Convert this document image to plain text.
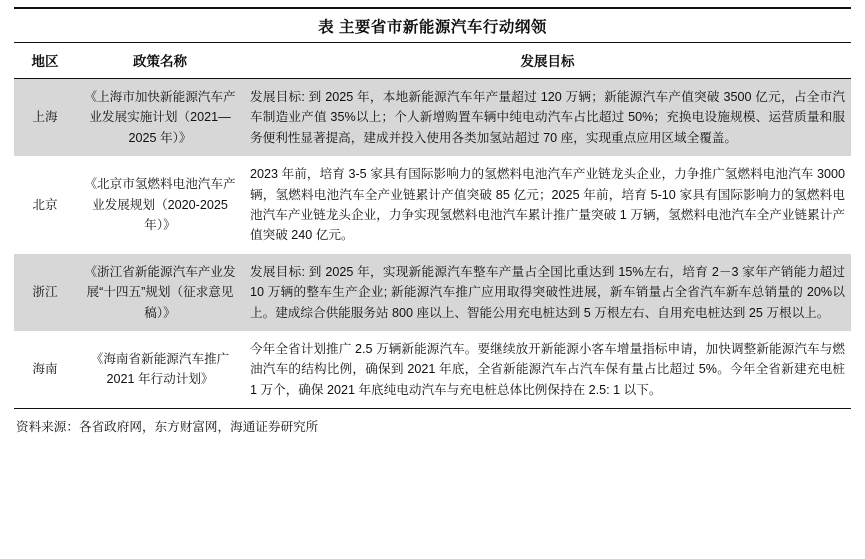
表 主要省市新能源汽车行动纲领
地区	政策名称	发展目标
上海	《上海市加快新能源汽车产业发展实施计划（2021—2025 年）》	发展目标: 到 2025 年，本地新能源汽车年产量超过 120 万辆；新能源汽车产值突破 3500 亿元，占全市汽车制造业产值 35%以上；个人新增购置车辆中纯电动汽车占比超过 50%；充换电设施规模、运营质量和服务便利性显著提高，建成并投入使用各类加氢站超过 70 座，实现重点应用区域全覆盖。
北京	《北京市氢燃料电池汽车产业发展规划（2020-2025 年）》	2023 年前，培育 3-5 家具有国际影响力的氢燃料电池汽车产业链龙头企业，力争推广氢燃料电池汽车 3000 辆，氢燃料电池汽车全产业链累计产值突破 85 亿元；2025 年前，培育 5-10 家具有国际影响力的氢燃料电池汽车产业链龙头企业，力争实现氢燃料电池汽车累计推广量突破 1 万辆，氢燃料电池汽车全产业链累计产值突破 240 亿元。
浙江	《浙江省新能源汽车产业发展“十四五”规划（征求意见稿）》	发展目标: 到 2025 年，实现新能源汽车整车产量占全国比重达到 15%左右，培育 2－3 家年产销能力超过 10 万辆的整车生产企业; 新能源汽车推广应用取得突破性进展，新车销量占全省汽车新车总销量的 20%以上。建成综合供能服务站 800 座以上、智能公用充电桩达到 5 万根左右、自用充电桩达到 25 万根以上。
海南	《海南省新能源汽车推广 2021 年行动计划》	今年全省计划推广 2.5 万辆新能源汽车。要继续放开新能源小客车增量指标申请，加快调整新能源汽车与燃油汽车的结构比例，确保到 2021 年底，全省新能源汽车占汽车保有量占比超过 5%。今年全省新建充电桩 1 万个，确保 2021 年底纯电动汽车与充电桩总体比例保持在 2.5: 1 以下。
资料来源：各省政府网，东方财富网，海通证券研究所
